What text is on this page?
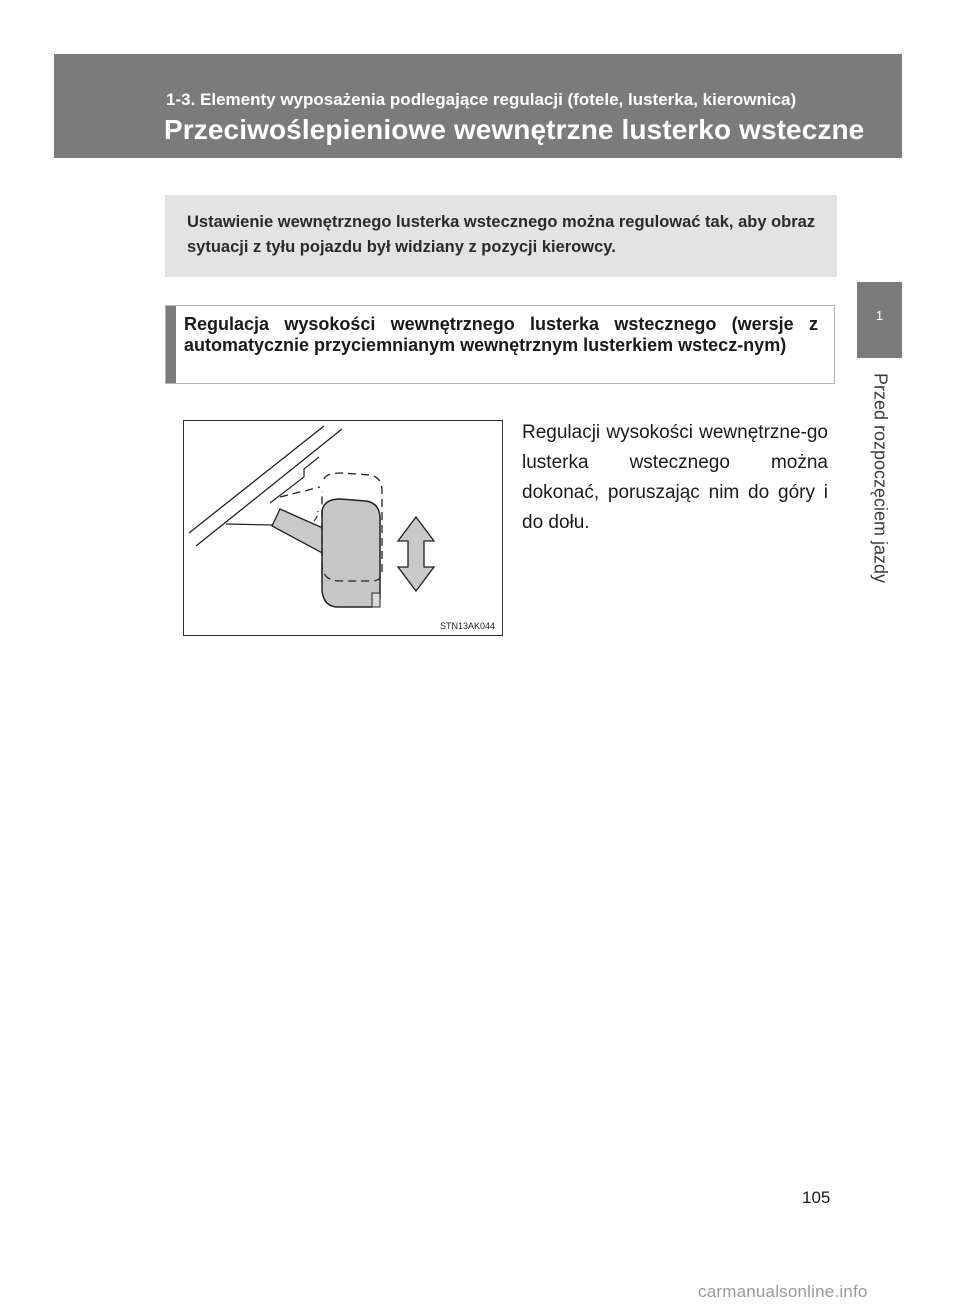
1-3. Elementy wyposażenia podlegające regulacji (fotele, lusterka, kierownica)
Przeciwoślepieniowe wewnętrzne lusterko wsteczne
1
Przed rozpoczęciem jazdy

Ustawienie wewnętrznego lusterka wstecznego można regulować tak, aby obraz sytuacji z tyłu pojazdu był widziany z pozycji kierowcy.

Regulacja wysokości wewnętrznego lusterka wstecznego (wersje z automatycznie przyciemnianym wewnętrznym lusterkiem wstecz-nym)

STN13AK044

Regulacji wysokości wewnętrzne-go lusterka wstecznego można dokonać, poruszając nim do góry i do dołu.

105
carmanualsonline.info
